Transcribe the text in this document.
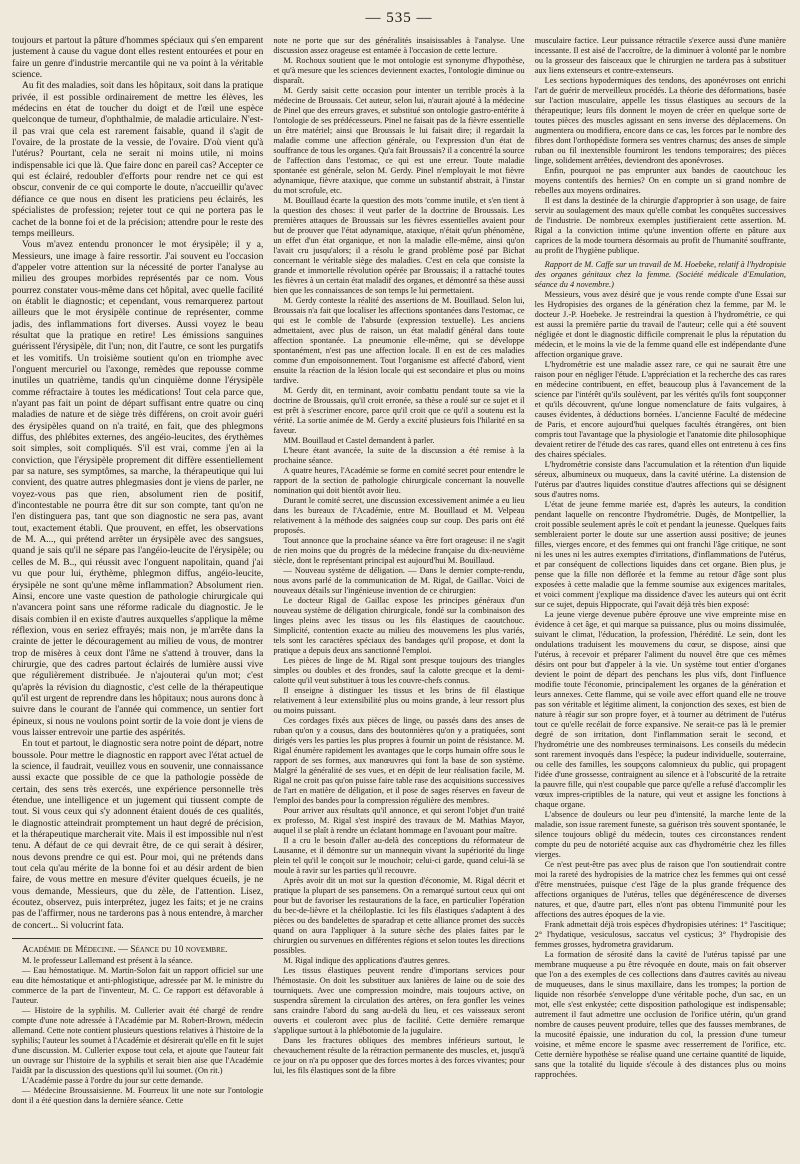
— 535 —

toujours et partout la pâture d'hommes spéciaux qui s'en emparent justement à cause du vague dont elles restent entourées et pour en faire un genre d'industrie mercantile qui ne va point à la véritable science.

Au fit des maladies, soit dans les hôpitaux, soit dans la pratique privée, il est possible ordinairement de mettre les élèves, les médecins en état de toucher du doigt et de l'œil une espèce quelconque de tumeur, d'ophthalmie, de maladie articulaire. N'est-il pas vrai que cela est rarement faisable, quand il s'agit de l'ovaire, de la prostate de la vessie, de l'ovaire. D'où vient qu'à l'utérus? Pourtant, cela ne serait ni moins utile, ni moins indispensable ici que là. Que faire donc en pareil cas? Accepter ce qui est éclairé, redoubler d'efforts pour rendre net ce qui est obscur, convenir de ce qui comporte le doute, n'accueillir qu'avec défiance ce que nous en disent les praticiens peu éclairés, les spécialistes de profession; rejeter tout ce qui ne portera pas le cachet de la bonne foi et de la précision; attendre pour le reste des temps meilleurs.

Vous m'avez entendu prononcer le mot érysipèle; il y a, Messieurs, une image à faire ressortir. J'ai souvent eu l'occasion d'appeler votre attention sur la nécessité de porter l'analyse au milieu des groupes morbides représentés par ce nom. Vous pourrez constater vous-même dans cet hôpital, avec quelle facilité on établit le diagnostic; et cependant, vous remarquerez partout ailleurs que le mot érysipèle continue de représenter, comme jadis, des inflammations fort diverses. Aussi voyez le beau résultat que la pratique en retire! Les émissions sanguines guérissent l'érysipèle, dit l'un; non, dit l'autre, ce sont les purgatifs et les vomitifs. Un troisième soutient qu'on en triomphe avec l'onguent mercuriel ou l'axonge, remèdes que repousse comme inutiles un quatrième, tandis qu'un cinquième donne l'érysipèle comme réfractaire à toutes les médications! Tout cela parce que, n'ayant pas fait un point de départ suffisant entre quatre ou cinq maladies de nature et de siège très différens, on croit avoir guéri des érysipèles quand on n'a traité, en fait, que des phlegmons diffus, des phlébites externes, des angéio-leucites, des érythèmes soit simples, soit compliqués. S'il est vrai, comme j'en ai la conviction, que l'érysipèle proprement dit diffère essentiellement par sa nature, ses symptômes, sa marche, la thérapeutique qui lui convient, des quatre autres phlegmasies dont je viens de parler, ne voyez-vous pas que rien, absolument rien de positif, d'incontestable ne pourra être dit sur son compte, tant qu'on ne l'en distinguera pas, tant que son diagnostic ne sera pas, avant tout, exactement établi. Que prouvent, en effet, les observations de M. A..., qui prétend arrêter un érysipèle avec des sangsues, quand je sais qu'il ne sépare pas l'angéio-leucite de l'érysipèle; ou celles de M. B.., qui réussit avec l'onguent napolitain, quand j'ai vu que pour lui, érythème, phlegmon diffus, angéio-leucite, érysipèle ne sont qu'une même inflammation? Absolument rien. Ainsi, encore une vaste question de pathologie chirurgicale qui n'avancera point sans une réforme radicale du diagnostic. Je le disais combien il en existe d'autres auxquelles s'applique la même réflexion, vous en seriez effrayés; mais non, je m'arrête dans la crainte de jetter le découragement au milieu de vous, de montrer trop de misères à ceux dont l'âme ne s'attend à trouver, dans la chirurgie, que des cadres partout éclairés de lumière aussi vive que régulièrement distribuée. Je n'ajouterai qu'un mot; c'est qu'après la révision du diagnostic, c'est celle de la thérapeutique qu'il est urgent de reprendre dans les hôpitaux; nous aurons donc à suivre dans le courant de l'année qui commence, un sentier fort épineux, si nous ne voulons point sortir de la voie dont je viens de vous laisser entrevoir une partie des aspérités.

En tout et partout, le diagnostic sera notre point de départ, notre boussole. Pour mettre le diagnostic en rapport avec l'état actuel de la science, il faudrait, veuillez vous en souvenir, une connaissance aussi exacte que possible de ce que la pathologie possède de certain, des sens très exercés, une expérience personnelle très étendue, une intelligence et un jugement qui tiussent compte de tout. Si vous ceux qui s'y adonnent étaient doués de ces qualités, le diagnostic atteindrait promptement un haut degré de précision, et la thérapeutique marcherait vite. Mais il est impossible nul n'est tenu. A défaut de ce qui devrait être, de ce qui serait à désirer, nous devons prendre ce qui est. Pour moi, qui ne prétends dans tout cela qu'au mérite de la bonne foi et au désir ardent de bien faire, de vous mettre en mesure d'éviter quelques écueils, je ne vous demande, Messieurs, que du zèle, de l'attention. Lisez, écoutez, observez, puis interprétez, jugez les faits; et je ne crains pas de l'affirmer, nous ne tarderons pas à nous entendre, à marcher de concert... Si volucrint fata.

Académie de Médecine. — Séance du 10 novembre.

M. le professeur Lallemand est présent à la séance.

— Eau hémostatique. M. Martin-Solon fait un rapport officiel sur une eau dite hémostatique et anti-phlogistique, adressée par M. le ministre du commerce de la part de l'inventeur, M. C. Ce rapport est défavorable à l'auteur.

— Histoire de la syphilis. M. Cullerier avait été chargé de rendre compte d'une note adressée à l'Académie par M. Robert-Brown, médecin allemand. Cette note contient plusieurs questions relatives à l'histoire de la syphilis; l'auteur les soumet à l'Académie et désirerait qu'elle en fit le sujet d'une discussion. M. Cullerier expose tout cela, et ajoute que l'auteur fait un ouvrage sur l'histoire de la syphilis et serait bien aise que l'Académie l'aidât par la discussion des questions qu'il lui soumet. (On rit.)

L'Académie passe à l'ordre du jour sur cette demande.

— Médecine Broussaisienne. M. Fourreux lit une note sur l'ontologie dont il a été question dans la dernière séance. Cette

note ne porte que sur des généralités insaisissables à l'analyse. Une discussion assez orageuse est entamée à l'occasion de cette lecture.

M. Rochoux soutient que le mot ontologie est synonyme d'hypothèse, et qu'à mesure que les sciences deviennent exactes, l'ontologie diminue ou disparaît.

M. Gerdy saisit cette occasion pour intenter un terrible procès à la médecine de Broussais. Cet auteur, selon lui, n'aurait ajouté à la médecine de Pinel que des erreurs graves, et substitué son ontologie gastro-entérite à l'ontologie de ses prédécesseurs. Pinel ne faisait pas de la fièvre essentielle un être matériel; ainsi que Broussais le lui faisait dire; il regardait la maladie comme une affection générale, ou l'expression d'un état de souffrance de tous les organes. Qu'a fait Broussais? il a concentré la source de l'affection dans l'estomac, ce qui est une erreur. Toute maladie spontanée est générale, selon M. Gerdy. Pinel n'employait le mot fièvre adynamique, fièvre ataxique, que comme un substantif abstrait, à l'instar du mot scrofule, etc.

M. Bouillaud écarte la question des mots 'comme inutile, et s'en tient à la question des choses: il veut parler de la doctrine de Broussais. Les premières attaques de Broussais sur les fièvres essentielles avaient pour but de prouver que l'état adynamique, ataxique, n'était qu'un phénomène, un effet d'un état organique, et non la maladie elle-même, ainsi qu'on l'avait cru jusqu'alors; il a résolu le grand problème posé par Bichat concernant le véritable siège des maladies. C'est en cela que consiste la grande et immortelle révolution opérée par Broussais; il a rattaché toutes les fièvres à un certain état maladif des organes, et démontré sa thèse aussi bien que les connaissances de son temps le lui permettaient.

M. Gerdy conteste la réalité des assertions de M. Bouillaud. Selon lui, Broussais n'a fait que localiser les affections spontanées dans l'estomac, ce qui est le comble de l'absurde (expression textuelle). Les anciens admettaient, avec plus de raison, un état maladif général dans toute affection spontanée. La pneumonie elle-même, qui se développe spontanément, n'est pas une affection locale. Il en est de ces maladies comme d'un empoisonnement. Tout l'organisme est affecté d'abord, vient ensuite la réaction de la lésion locale qui est secondaire et plus ou moins tardive.

M. Gerdy dit, en terminant, avoir combattu pendant toute sa vie la doctrine de Broussais, qu'il croit erronée, sa thèse a roulé sur ce sujet et il est prêt à s'escrimer encore, parce qu'il croit que ce qu'il a soutenu est la vérité. La sortie animée de M. Gerdy a excité plusieurs fois l'hilarité en sa faveur.

MM. Bouillaud et Castel demandent à parler.

L'heure étant avancée, la suite de la discussion a été remise à la prochaine séance.

A quatre heures, l'Académie se forme en comité secret pour entendre le rapport de la section de pathologie chirurgicale concernant la nouvelle nomination qui doit bientôt avoir lieu.

Durant le comité secret, une discussion excessivement animée a eu lieu dans les bureaux de l'Académie, entre M. Bouillaud et M. Velpeau relativement à la méthode des saignées coup sur coup. Des paris ont été proposés.

Tout annonce que la prochaine séance va être fort orageuse: il ne s'agit de rien moins que du progrès de la médecine française du dix-neuvième siècle, dont le représentant principal est aujourd'hui M. Bouillaud.

— Nouveau système de déligation. — Dans le dernier compte-rendu, nous avons parlé de la communication de M. Rigal, de Gaillac. Voici de nouveaux détails sur l'ingénieuse invention de ce chirurgien:

Le docteur Rigal de Gaillac expose les principes généraux d'un nouveau système de déligation chirurgicale, fondé sur la combinaison des linges pleins avec les tissus ou les fils élastiques de caoutchouc. Simplicité, contention exacte au milieu des mouvemens les plus variés, tels sont les caractères spéciaux des bandages qu'il propose, et dont la pratique a depuis deux ans sanctionné l'emploi.

Les pièces de linge de M. Rigal sont presque toujours des triangles simples ou doubles et des frondes, sauf la calotte grecque et la demi-calotte qu'il veut substituer à tous les couvre-chefs connus.

Il enseigne à distinguer les tissus et les brins de fil élastique relativement à leur extensibilité plus ou moins grande, à leur ressort plus ou moins puissant.

Ces cordages fixés aux pièces de linge, ou passés dans des anses de ruban qu'on y a cousus, dans des boutonnières qu'on y a pratiquées, sont dirigés vers les parties les plus propres à fournir un point de résistance. M. Rigal énumère rapidement les avantages que le corps humain offre sous le rapport de ses formes, aux manœuvres qui font la base de son système. Malgré la généralité de ses vues, et en dépit de leur réalisation facile, M. Rigal ne croit pas qu'on puisse faire table rase des acquisitions successives de l'art en matière de déligation, et il pose de sages réserves en faveur de l'emploi des bandes pour la compression régulière des membres.

Pour arriver aux résultats qu'il annonce, et qui seront l'objet d'un traité ex professo, M. Rigal s'est inspiré des travaux de M. Mathias Mayor, auquel il se plaît à rendre un éclatant hommage en l'avouant pour maître.

Il a cru le besoin d'aller au-delà des conceptions du réformateur de Lausanne, et il démontre sur un mannequin vivant la supériorité du linge plein tel qu'il le conçoit sur le mouchoir; celui-ci garde, quand celui-là se moule à ravir sur les parties qu'il recouvre.

Après avoir dit un mot sur la question d'économie, M. Rigal décrit et pratique la plupart de ses pansemens. On a remarqué surtout ceux qui ont pour but de favoriser les restaurations de la face, en particulier l'opération du bec-de-lièvre et la chéiloplastie. Ici les fils élastiques s'adaptent à des pièces ou des bandelettes de sparadrap et cette alliance promet des succès quand on aura l'appliquer à la suture sèche des plaies faites par le chirurgien ou survenues en différentes régions et selon toutes les directions possibles.

M. Rigal indique des applications d'autres genres.

Les tissus élastiques peuvent rendre d'importans services pour l'hémostasie. On doit les substituer aux lanières de laine ou de soie des tourniquets. Avec une compression moindre, mais toujours active, on suspendra sûrement la circulation des artères, on fera gonfler les veines sans craindre l'abord du sang au-delà du lieu, et ces vaisseaux seront ouverts et couleront avec plus de facilité. Cette dernière remarque s'applique surtout à la phlébotomie de la jugulaire.

Dans les fractures obliques des membres inférieurs surtout, le chevauchement résulte de la rétraction permanente des muscles, et, jusqu'à ce jour on n'a pu opposer que des forces mortes à des forces vivantes; pour lui, les fils élastiques sont de la fibre

musculaire factice. Leur puissance rétractile s'exerce aussi d'une manière incessante. Il est aisé de l'accroître, de la diminuer à volonté par le nombre ou la grosseur des faisceaux que le chirurgien ne tardera pas à substituer aux liens extenseurs et contre-extenseurs.

Les sections hypodermiques des tendons, des aponévroses ont enrichi l'art de guérir de merveilleux procédés. La théorie des déformations, basée sur l'action musculaire, appelle les tissus élastiques au secours de la thérapeutique; leurs fils donnent le moyen de créer en quelque sorte de toutes pièces des muscles agissant en sens inverse des déplacemens. On augmentera ou modifiera, encore dans ce cas, les forces par le nombre des fibres dont l'orthopédiste formera ses ventres charnus; des anses de simple ruban ou fil inextensible fourniront les tendons temporaires; des pièces linge, solidement arrêtées, deviendront des aponévroses.

Enfin, pourquoi ne pas emprunter aux bandes de caoutchouc les moyens contentifs des hernies? On en compte un si grand nombre de rebelles aux moyens ordinaires.

Il est dans la destinée de la chirurgie d'approprier à son usage, de faire servir au soulagement des maux qu'elle combat les conquêtes successives de l'industrie. De nombreux exemples justifieraient cette assertion. M. Rigal a la conviction intime qu'une invention offerte en pâture aux caprices de la mode tournera désormais au profit de l'humanité souffrante, au profit de l'hygiène publique.

Rapport de M. Caffe sur un travail de M. Hoebeke, relatif à l'hydropisie des organes génitaux chez la femme. (Société médicale d'Emulation, séance du 4 novembre.)

Messieurs, vous avez désiré que je vous rende compte d'une Essai sur les Hydropisies des organes de la génération chez la femme, par M. le docteur J.-P. Hoebeke. Je restreindrai la question à l'hydrométrie, ce qui est aussi la première partie du travail de l'auteur; celle qui a été souvent négligée et dont le diagnostic difficile comprenait le plus la réputation du médecin, et le moins la vie de la femme quand elle est indépendante d'une affection organique grave.

L'hydrométrie est une maladie assez rare, ce qui ne saurait être une raison pour en négliger l'étude. L'appréciation et la recherche des cas rares en médecine contribuent, en effet, beaucoup plus à l'avancement de la science par l'intérêt qu'ils soulèvent, par les vérités qu'ils font soupçonner et qu'ils découvrent, qu'une longue nomenclature de faits vulgaires, à causes évidentes, à déductions bornées. L'ancienne Faculté de médecine de Paris, et encore aujourd'hui quelques facultés étrangères, ont bien compris tout l'avantage que la physiologie et l'anatomie dite philosophique devaient retirer de l'étude des cas rares, quand elles ont entretenu à ces fins des chaires spéciales.

L'hydrométrie consiste dans l'accumulation et la rétention d'un liquide séreux, albumineux ou muqueux, dans la cavité utérine. La distension de l'utérus par d'autres liquides constitue d'autres affections qui se désignent sous d'autres noms.

L'état de jeune femme mariée est, d'après les auteurs, la condition pendant laquelle on rencontre l'hydrométrie. Dugès, de Montpellier, la croit possible seulement après le coït et pendant la jeunesse. Quelques faits sembleraient porter le doute sur une assertion aussi positive; de jeunes filles, vierges encore, et des femmes qui ont franchi l'âge critique, ne sont ni les unes ni les autres exemptes d'irritations, d'inflammations de l'utérus, et par conséquent de collections liquides dans cet organe. Bien plus, je pense que la fille non déflorée et la femme au retour d'âge sont plus exposées à cette maladie que la femme soumise aux exigences maritales, et voici comment j'explique ma dissidence d'avec les auteurs qui ont écrit sur ce sujet, depuis Hippocrate, qui l'avait déjà très bien exposé:

La jeune vierge devenue pubère éprouve une vive empreinte mise en évidence à cet âge, et qui marque sa puissance, plus ou moins dissimulée, suivant le climat, l'éducation, la profession, l'hérédité. Le sein, dont les ondulations traduisent les mouvemens du cœur, se dispose, ainsi que l'utérus, à recevoir et préparer l'aliment du nouvel être que ces mêmes désirs ont pour but d'appeler à la vie. Un système tout entier d'organes devient le point de départ des penchans les plus vifs, dont l'influence modifie toute l'économie, principalement les organes de la génération et leurs annexes. Cette flamme, qui se voile avec effort quand elle ne trouve pas son véritable et légitime aliment, la conjonction des sexes, est bien de nature à réagir sur son propre foyer, et à tourner au détriment de l'utérus tout ce qu'elle recélait de force expansive. Ne serait-ce pas là le premier degré de son irritation, dont l'inflammation serait le second, et l'hydrométrie une des nombreuses terminaisons. Les conseils du médecin sont rarement invoqués dans l'espèce; la pudeur individuelle, souterraine, ou celle des familles, les soupçons calomnieux du public, qui propagent l'idée d'une grossesse, contraignent au silence et à l'obscurité de la retraite la pauvre fille, qui n'est coupable que parce qu'elle a refusé d'accomplir les vœux impres-criptibles de la nature, qui veut et assigne les fonctions à chaque organe.

L'absence de douleurs ou leur peu d'intensité, la marche lente de la maladie, son issue rarement funeste, sa guérison très souvent spontanée, le silence toujours obligé du médecin, toutes ces circonstances rendent compte du peu de notoriété acquise aux cas d'hydrométrie chez les filles vierges.

Ce n'est peut-être pas avec plus de raison que l'on soutiendrait contre moi la rareté des hydropisies de la matrice chez les femmes qui ont cessé d'être menstruées, puisque c'est l'âge de la plus grande fréquence des affections organiques de l'utérus, telles que dégénérescence de diverses natures, et que, d'autre part, elles n'ont pas obtenu l'immunité pour les affections des autres époques de la vie.

Frank admettait déjà trois espèces d'hydropisies utérines: 1° l'ascitique; 2° l'hydatique, vesiculosus, saccatus vel cysticus; 3° l'hydropisie des femmes grosses, hydrometra gravidarum.

La formation de sérosité dans la cavité de l'utérus tapissé par une membrane muqueuse a pu être révoquée en doute, mais on fait observer que l'on a des exemples de ces collections dans d'autres cavités au niveau de muqueuses, dans le sinus maxillaire, dans les trompes; la portion de liquide non résorbée s'enveloppe d'une véritable poche, d'un sac, en un mot, elle s'est enkystée; cette disposition pathologique est indispensable; autrement il faut admettre une occlusion de l'orifice utérin, qu'un grand nombre de causes peuvent produire, telles que des fausses membranes, de la mucosité épaissie, une induration du col, la pression d'une tumeur voisine, et même encore le spasme avec resserrement de l'orifice, etc. Cette dernière hypothèse se réalise quand une certaine quantité de liquide, sans que la totalité du liquide s'écoule à des distances plus ou moins rapprochées.
